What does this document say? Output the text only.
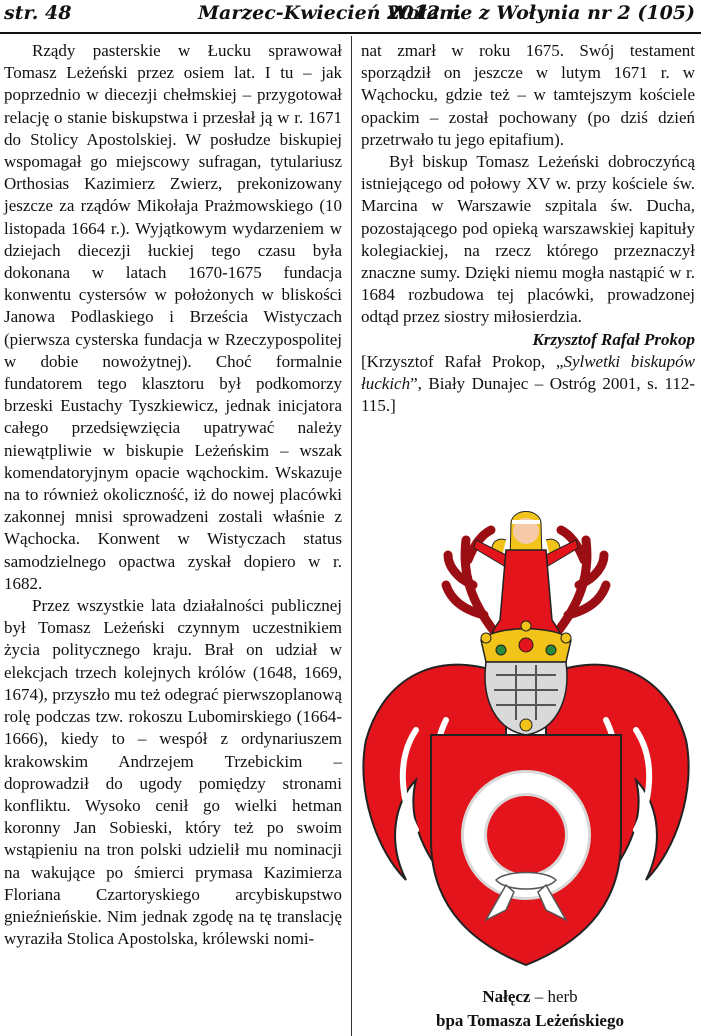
str. 48	Marzec-Kwiecień 2012 r.
Wołanie z Wołynia nr 2 (105)

Rządy pasterskie w Łucku sprawował Tomasz Leżeński przez osiem lat. I tu – jak poprzednio w diecezji chełmskiej – przygotował relację o stanie biskupstwa i przesłał ją w r. 1671 do Stolicy Apostolskiej. W posłudze biskupiej wspomagał go miejscowy sufragan, tytulariusz Orthosias Kazimierz Zwierz, prekonizowany jeszcze za rządów Mikołaja Prażmowskiego (10 listopada 1664 r.). Wyjątkowym wydarzeniem w dziejach diecezji łuckiej tego czasu była dokonana w latach 1670-1675 fundacja konwentu cystersów w położonych w bliskości Janowa Podlaskiego i Brześcia Wistyczach (pierwsza cysterska fundacja w Rzeczypospolitej w dobie nowożytnej). Choć formalnie fundatorem tego klasztoru był podkomorzy brzeski Eustachy Tyszkiewicz, jednak inicjatora całego przedsięwzięcia upatrywać należy niewątpliwie w biskupie Leżeńskim – wszak komendatoryjnym opacie wąchockim. Wskazuje na to również okoliczność, iż do nowej placówki zakonnej mnisi sprowadzeni zostali właśnie z Wąchocka. Konwent w Wistyczach status samodzielnego opactwa zyskał dopiero w r. 1682.

Przez wszystkie lata działalności publicznej był Tomasz Leżeński czynnym uczestnikiem życia politycznego kraju. Brał on udział w elekcjach trzech kolejnych królów (1648, 1669, 1674), przyszło mu też odegrać pierwszoplanową rolę podczas tzw. rokoszu Lubomirskiego (1664-1666), kiedy to – wespół z ordynariuszem krakowskim Andrzejem Trzebickim – doprowadził do ugody pomiędzy stronami konfliktu. Wysoko cenił go wielki hetman koronny Jan Sobieski, który też po swoim wstąpieniu na tron polski udzielił mu nominacji na wakujące po śmierci prymasa Kazimierza Floriana Czartoryskiego arcybiskupstwo gnieźnieńskie. Nim jednak zgodę na tę translację wyraziła Stolica Apostolska, królewski nomi-

nat zmarł w roku 1675. Swój testament sporządził on jeszcze w lutym 1671 r. w Wąchocku, gdzie też – w tamtejszym kościele opackim – został pochowany (po dziś dzień przetrwało tu jego epitafium).

Był biskup Tomasz Leżeński dobroczyńcą istniejącego od połowy XV w. przy kościele św. Marcina w Warszawie szpitala św. Ducha, pozostającego pod opieką warszawskiej kapituły kolegiackiej, na rzecz którego przeznaczył znaczne sumy. Dzięki niemu mogła nastąpić w r. 1684 rozbudowa tej placówki, prowadzonej odtąd przez siostry miłosierdzia.

Krzysztof Rafał Prokop

[Krzysztof Rafał Prokop, „Sylwetki biskupów łuckich”, Biały Dunajec – Ostróg 2001, s. 112-115.]

Nałęcz – herb
bpa Tomasza Leżeńskiego
